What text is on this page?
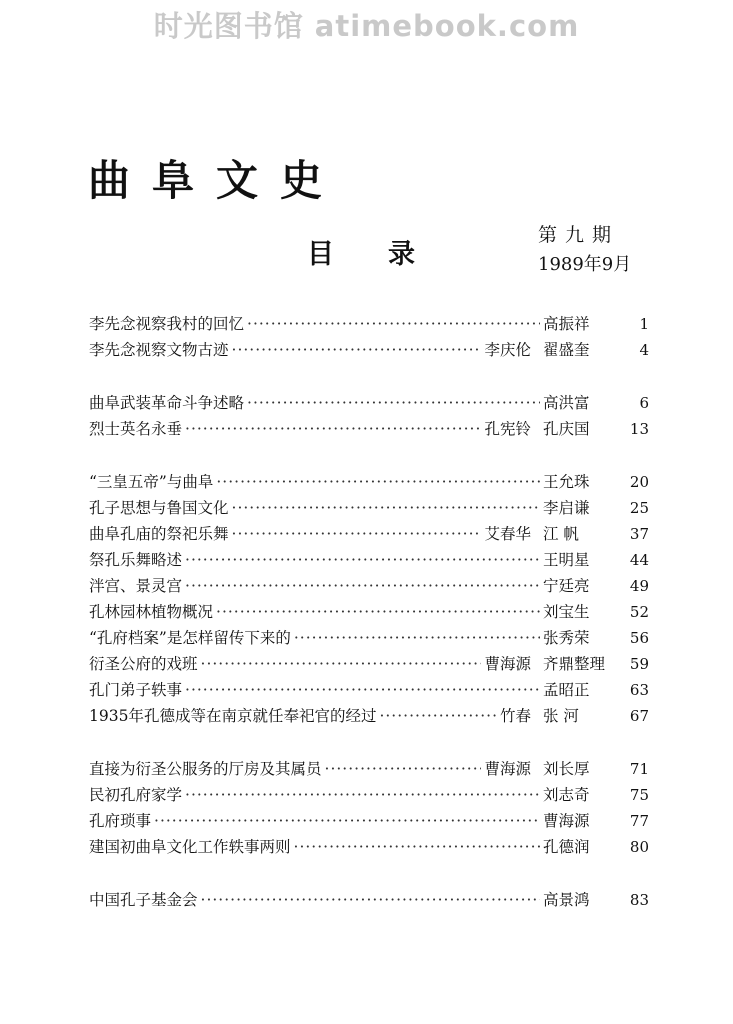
时光图书馆 atimebook.com
曲阜文史
目录
第九期
1989年9月
李先念视察我村的回忆 ·····	高振祥	1
李先念视察文物古迹 ·····	李庆伦 翟盛奎	4
曲阜武装革命斗争述略 ·····	高洪富	6
烈士英名永垂 ·····	孔宪铃 孔庆国	13
“三皇五帝”与曲阜 ·····	王允珠	20
孔子思想与鲁国文化 ·····	李启谦	25
曲阜孔庙的祭祀乐舞 ·····	艾春华 江 帆	37
祭孔乐舞略述 ·····	王明星	44
泮宫、景灵宫 ·····	宁廷亮	49
孔林园林植物概况 ·····	刘宝生	52
“孔府档案”是怎样留传下来的 ·····	张秀荣	56
衍圣公府的戏班 ·····	曹海源 齐鼎整理	59
孔门弟子轶事 ·····	孟昭正	63
1935年孔德成等在南京就任奉祀官的经过 ·····	竹春 张 河	67
直接为衍圣公服务的厅房及其属员 ·····	曹海源 刘长厚	71
民初孔府家学 ·····	刘志奇	75
孔府琐事 ·····	曹海源	77
建国初曲阜文化工作轶事两则 ·····	孔德润	80
中国孔子基金会 ·····	高景鸿	83
